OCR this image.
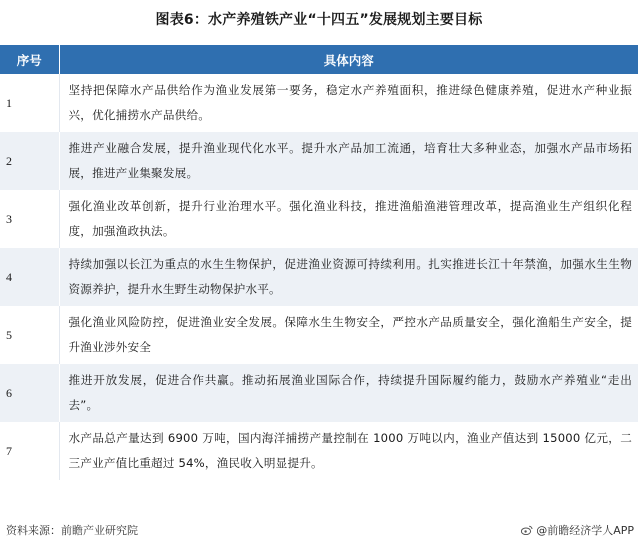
图表6：水产养殖铁产业“十四五”发展规划主要目标
序号	具体内容
1	坚持把保障水产品供给作为渔业发展第一要务，稳定水产养殖面积，推进绿色健康养殖，促进水产种业振兴，优化捕捞水产品供给。
2	推进产业融合发展，提升渔业现代化水平。提升水产品加工流通，培育壮大多种业态，加强水产品市场拓展，推进产业集聚发展。
3	强化渔业改革创新，提升行业治理水平。强化渔业科技，推进渔船渔港管理改革，提高渔业生产组织化程度，加强渔政执法。
4	持续加强以长江为重点的水生生物保护，促进渔业资源可持续利用。扎实推进长江十年禁渔，加强水生生物资源养护，提升水生野生动物保护水平。
5	强化渔业风险防控，促进渔业安全发展。保障水生生物安全，严控水产品质量安全，强化渔船生产安全，提升渔业涉外安全
6	推进开放发展，促进合作共赢。推动拓展渔业国际合作，持续提升国际履约能力，鼓励水产养殖业“走出去”。
7	水产品总产量达到 6900 万吨，国内海洋捕捞产量控制在 1000 万吨以内，渔业产值达到 15000 亿元，二三产业产值比重超过 54%，渔民收入明显提升。
资料来源：前瞻产业研究院	@前瞻经济学人APP
